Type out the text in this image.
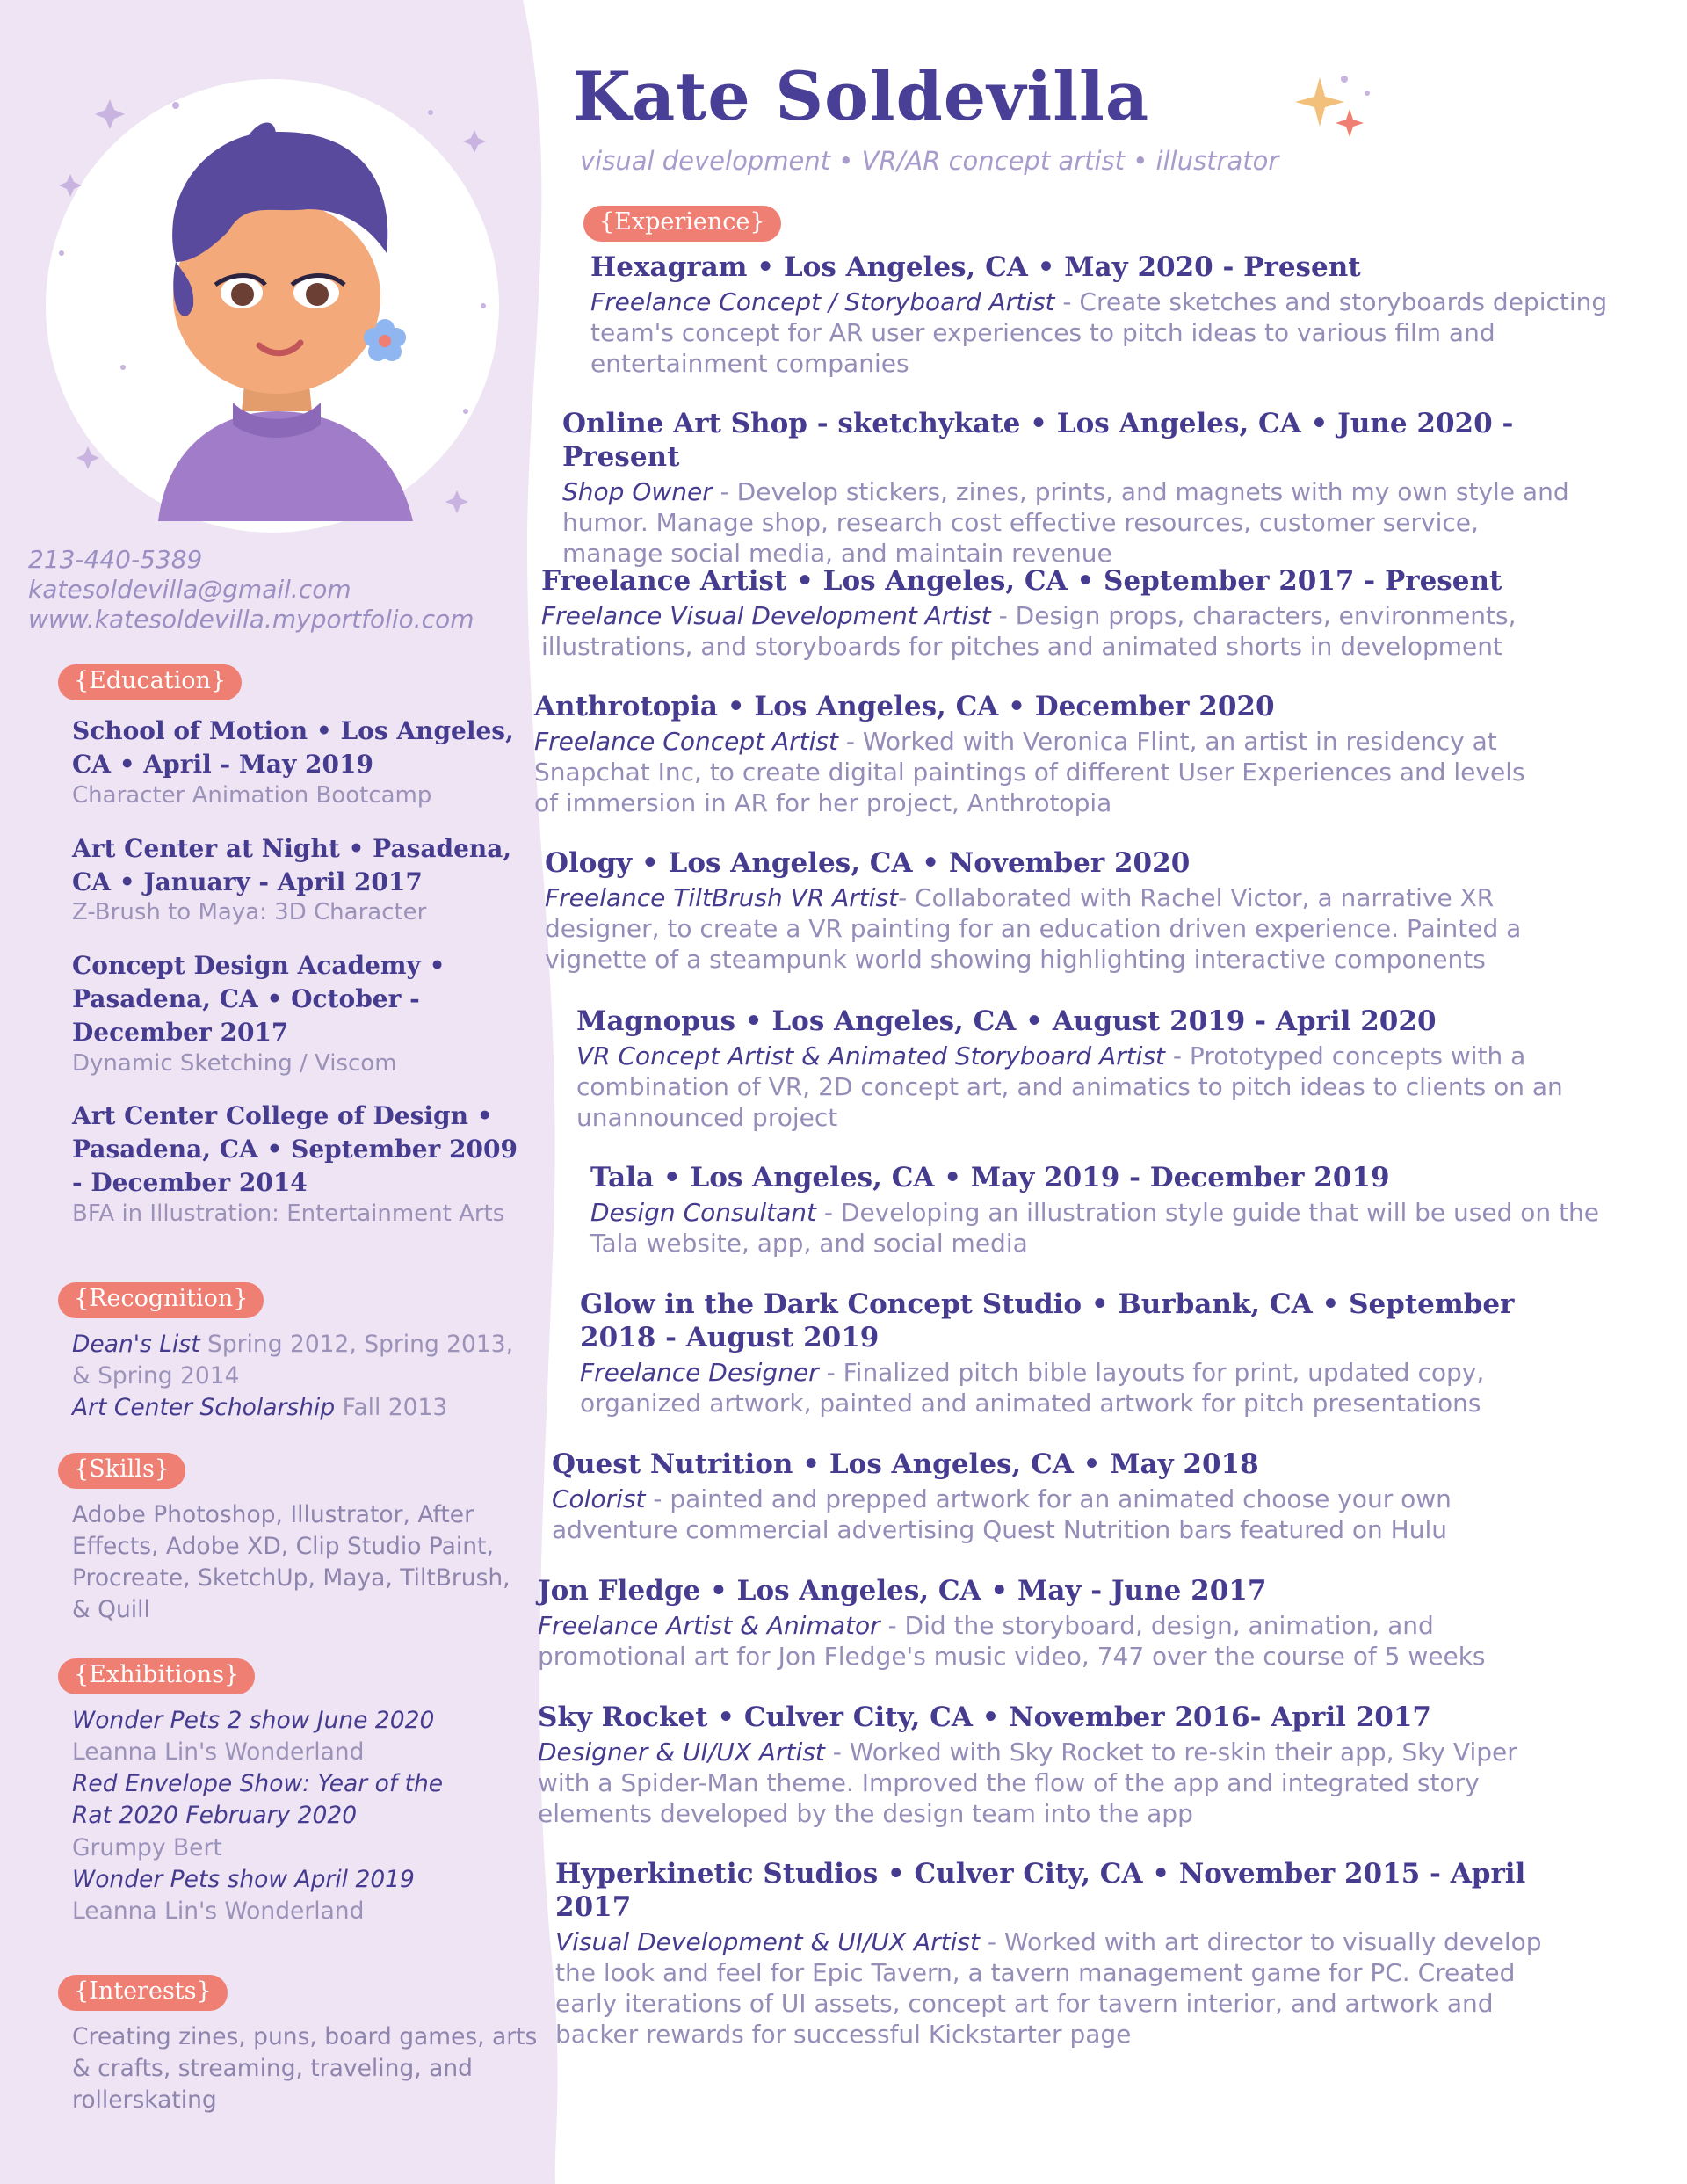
Kate Soldevilla
visual development • VR/AR concept artist • illustrator
213-440-5389
katesoldevilla@gmail.com
www.katesoldevilla.myportfolio.com
{Education}
School of Motion • Los Angeles, CA • April - May 2019
Character Animation Bootcamp
Art Center at Night • Pasadena, CA • January - April 2017
Z-Brush to Maya: 3D Character
Concept Design Academy • Pasadena, CA • October - December 2017
Dynamic Sketching / Viscom
Art Center College of Design • Pasadena, CA • September 2009 - December 2014
BFA in Illustration: Entertainment Arts
{Recognition}
Dean's List Spring 2012, Spring 2013, & Spring 2014
Art Center Scholarship Fall 2013
{Skills}
Adobe Photoshop, Illustrator, After Effects, Adobe XD, Clip Studio Paint, Procreate, SketchUp, Maya, TiltBrush, & Quill
{Exhibitions}
Wonder Pets 2 show June 2020
Leanna Lin's Wonderland
Red Envelope Show: Year of the Rat 2020 February 2020
Grumpy Bert
Wonder Pets show April 2019
Leanna Lin's Wonderland
{Interests}
Creating zines, puns, board games, arts & crafts, streaming, traveling, and rollerskating
{Experience}
Hexagram • Los Angeles, CA • May 2020 - Present
Freelance Concept / Storyboard Artist - Create sketches and storyboards depicting team's concept for AR user experiences to pitch ideas to various film and entertainment companies
Online Art Shop - sketchykate • Los Angeles, CA • June 2020 - Present
Shop Owner - Develop stickers, zines, prints, and magnets with my own style and humor. Manage shop, research cost effective resources, customer service, manage social media, and maintain revenue
Freelance Artist • Los Angeles, CA • September 2017 - Present
Freelance Visual Development Artist - Design props, characters, environments, illustrations, and storyboards for pitches and animated shorts in development
Anthrotopia • Los Angeles, CA • December 2020
Freelance Concept Artist - Worked with Veronica Flint, an artist in residency at Snapchat Inc, to create digital paintings of different User Experiences and levels of immersion in AR for her project, Anthrotopia
Ology • Los Angeles, CA • November 2020
Freelance TiltBrush VR Artist- Collaborated with Rachel Victor, a narrative XR designer, to create a VR painting for an education driven experience. Painted a vignette of a steampunk world showing highlighting interactive components
Magnopus • Los Angeles, CA • August 2019 - April 2020
VR Concept Artist & Animated Storyboard Artist - Prototyped concepts with a combination of VR, 2D concept art, and animatics to pitch ideas to clients on an unannounced project
Tala • Los Angeles, CA • May 2019 - December 2019
Design Consultant - Developing an illustration style guide that will be used on the Tala website, app, and social media
Glow in the Dark Concept Studio • Burbank, CA • September 2018 - August 2019
Freelance Designer - Finalized pitch bible layouts for print, updated copy, organized artwork, painted and animated artwork for pitch presentations
Quest Nutrition • Los Angeles, CA • May 2018
Colorist - painted and prepped artwork for an animated choose your own adventure commercial advertising Quest Nutrition bars featured on Hulu
Jon Fledge • Los Angeles, CA • May - June 2017
Freelance Artist & Animator - Did the storyboard, design, animation, and promotional art for Jon Fledge's music video, 747 over the course of 5 weeks
Sky Rocket • Culver City, CA • November 2016- April 2017
Designer & UI/UX Artist - Worked with Sky Rocket to re-skin their app, Sky Viper with a Spider-Man theme. Improved the flow of the app and integrated story elements developed by the design team into the app
Hyperkinetic Studios • Culver City, CA • November 2015 - April 2017
Visual Development & UI/UX Artist - Worked with art director to visually develop the look and feel for Epic Tavern, a tavern management game for PC. Created early iterations of UI assets, concept art for tavern interior, and artwork and backer rewards for successful Kickstarter page
